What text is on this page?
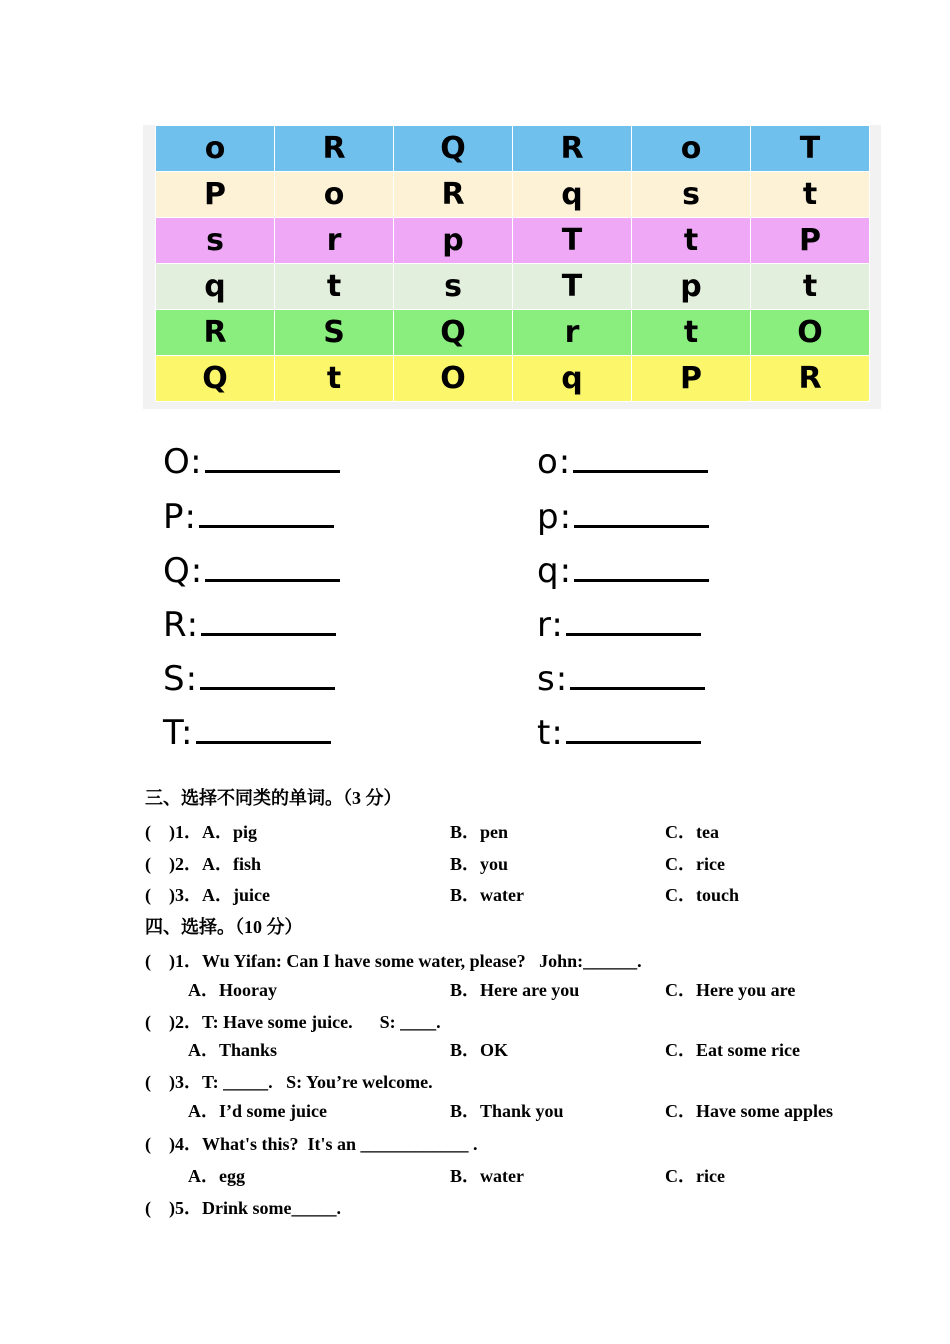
o	R	Q	R	o	T
P	o	R	q	s	t
s	r	p	T	t	P
q	t	s	T	p	t
R	S	Q	r	t	O
Q	t	O	q	P	R
O:
P:
Q:
R:
S:
T:
o:
p:
q:
r:
s:
t:
三、选择不同类的单词。（3 分）
(    )1．A．pig	B．pen	C．tea
(    )2．A．fish	B．you	C．rice
(    )3．A．juice	B．water	C．touch
四、选择。（10 分）
(    )1．Wu Yifan: Can I have some water, please?   John:______.
A．Hooray	B．Here are you	C．Here you are
(    )2．T: Have some juice.      S: ____.
A．Thanks	B．OK	C．Eat some rice
(    )3．T: _____.   S: You’re welcome.
A．I’d some juice	B．Thank you	C．Have some apples
(    )4．What's this?  It's an ____________ .
A．egg	B．water	C．rice
(    )5．Drink some_____.
